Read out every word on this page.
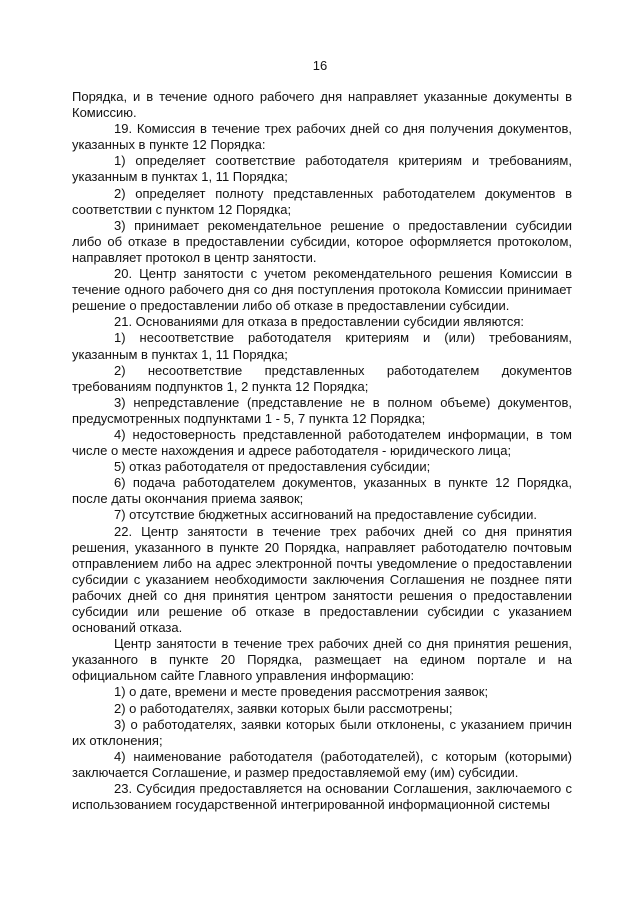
16

Порядка, и в течение одного рабочего дня направляет указанные документы в Комиссию.

19. Комиссия в течение трех рабочих дней со дня получения документов, указанных в пункте 12 Порядка:

1) определяет соответствие работодателя критериям и требованиям, указанным в пунктах 1, 11 Порядка;

2) определяет полноту представленных работодателем документов в соответствии с пунктом 12 Порядка;

3) принимает рекомендательное решение о предоставлении субсидии либо об отказе в предоставлении субсидии, которое оформляется протоколом, направляет протокол в центр занятости.

20. Центр занятости с учетом рекомендательного решения Комиссии в течение одного рабочего дня со дня поступления протокола Комиссии принимает решение о предоставлении либо об отказе в предоставлении субсидии.

21. Основаниями для отказа в предоставлении субсидии являются:

1) несоответствие работодателя критериям и (или) требованиям, указанным в пунктах 1, 11 Порядка;

2) несоответствие представленных работодателем документов требованиям подпунктов 1, 2 пункта 12 Порядка;

3) непредставление (представление не в полном объеме) документов, предусмотренных подпунктами 1 - 5, 7 пункта 12 Порядка;

4) недостоверность представленной работодателем информации, в том числе о месте нахождения и адресе работодателя - юридического лица;

5) отказ работодателя от предоставления субсидии;

6) подача работодателем документов, указанных в пункте 12 Порядка, после даты окончания приема заявок;

7) отсутствие бюджетных ассигнований на предоставление субсидии.

22. Центр занятости в течение трех рабочих дней со дня принятия решения, указанного в пункте 20 Порядка, направляет работодателю почтовым отправлением либо на адрес электронной почты уведомление о предоставлении субсидии с указанием необходимости заключения Соглашения не позднее пяти рабочих дней со дня принятия центром занятости решения о предоставлении субсидии или решение об отказе в предоставлении субсидии с указанием оснований отказа.

Центр занятости в течение трех рабочих дней со дня принятия решения, указанного в пункте 20 Порядка, размещает на едином портале и на официальном сайте Главного управления информацию:

1) о дате, времени и месте проведения рассмотрения заявок;

2) о работодателях, заявки которых были рассмотрены;

3) о работодателях, заявки которых были отклонены, с указанием причин их отклонения;

4) наименование работодателя (работодателей), с которым (которыми) заключается Соглашение, и размер предоставляемой ему (им) субсидии.

23. Субсидия предоставляется на основании Соглашения, заключаемого с использованием государственной интегрированной информационной системы
